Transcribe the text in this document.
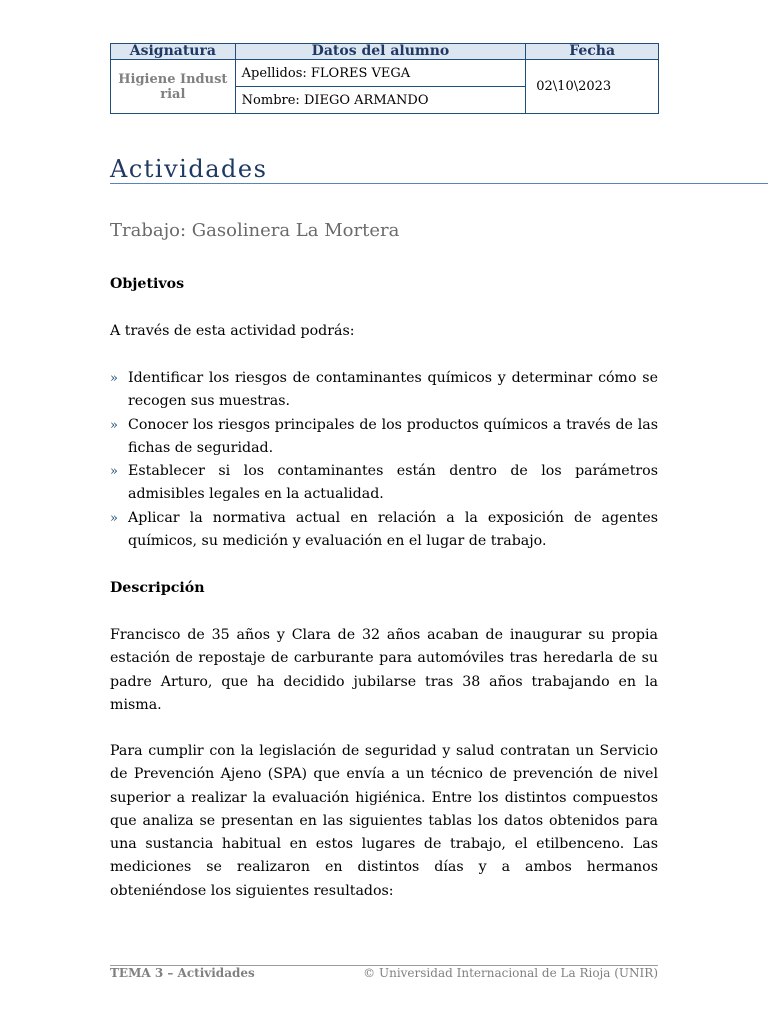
Asignatura	Datos del alumno	Fecha
Higiene Industrial	Apellidos: FLORES VEGA	02\10\2023
	Nombre: DIEGO ARMANDO	
Actividades
Trabajo: Gasolinera La Mortera

Objetivos

A través de esta actividad podrás:

» Identificar los riesgos de contaminantes químicos y determinar cómo se recogen sus muestras.
» Conocer los riesgos principales de los productos químicos a través de las fichas de seguridad.
» Establecer si los contaminantes están dentro de los parámetros admisibles legales en la actualidad.
» Aplicar la normativa actual en relación a la exposición de agentes químicos, su medición y evaluación en el lugar de trabajo.

Descripción

Francisco de 35 años y Clara de 32 años acaban de inaugurar su propia estación de repostaje de carburante para automóviles tras heredarla de su padre Arturo, que ha decidido jubilarse tras 38 años trabajando en la misma.

Para cumplir con la legislación de seguridad y salud contratan un Servicio de Prevención Ajeno (SPA) que envía a un técnico de prevención de nivel superior a realizar la evaluación higiénica. Entre los distintos compuestos que analiza se presentan en las siguientes tablas los datos obtenidos para una sustancia habitual en estos lugares de trabajo, el etilbenceno. Las mediciones se realizaron en distintos días y a ambos hermanos obteniéndose los siguientes resultados:

TEMA 3 – Actividades	© Universidad Internacional de La Rioja (UNIR)
